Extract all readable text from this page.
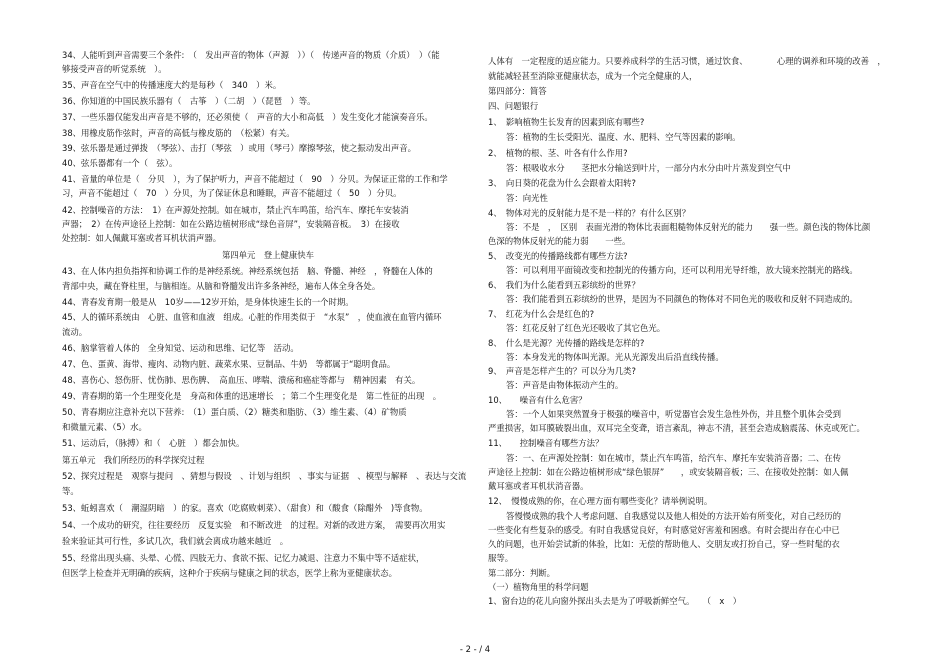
34、人能听到声音需要三个条件:　（　发出声音的物体（声源　））（　传递声音的物质（介质）　）（能
够接受声音的听觉系统　）。
35、声音在空气中的传播速度大约是每秒（　340　）米。
36、你知道的中国民族乐器有（　古筝　）（二胡　）（琵琶　）等。
37、一些乐器仅能发出声音是不够的，还必须使（　声音的大小和高低　）发生变化才能演奏音乐。
38、用橡皮筋作弦时，声音的高低与橡皮筋的　（松紧）有关。
39、弦乐器是通过弹拨　（琴弦）、击打（琴弦　）或用（琴弓）摩擦琴弦，使之振动发出声音。
40、弦乐器都有一个（　弦）。
41、音量的单位是（　分贝　），为了保护听力，声音不能超过（　90　）分贝。为保证正常的工作和学
习，声音不能超过（　70　）分贝，为了保证休息和睡眠，声音不能超过（　50　）分贝。
42、控制噪音的方法：　1）在声源处控制。如在城市，禁止汽车鸣笛，给汽车、摩托车安装消
声器；　2）在传声途径上控制：如在公路边植树形成“绿色音屏”，安装隔音板。　3）在接收
处控制：如人佩戴耳塞或者耳机状消声器。
第四单元　登上健康快车
43、在人体内担负指挥和协调工作的是神经系统。神经系统包括　脑、脊髓、神经　，脊髓在人体的
背部中央，藏在脊柱里，与脑相连。从脑和脊髓发出许多条神经，遍布人体全身各处。
44、青春发育期一般是从　10岁——12岁开始，是身体快速生长的一个时期。
45、人的循环系统由　心脏、血管和血液　组成。心脏的作用类似于　“水泵”　，使血液在血管内循环
流动。
46、脑掌管着人体的　全身知觉、运动和思维、记忆等　活动。
47、色、蛋黄、海带、瘦肉、动物内脏、蔬菜水果、豆制品、牛奶　等都属于“聪明食品。
48、喜伤心、怒伤肝、忧伤肺、思伤脾、　高血压、哮喘、溃疡和癌症等都与　精神因素　有关。
49、青春期的第一个生理变化是　身高和体重的迅速增长　；第二个生理变化是　第二性征的出现　。
50、青春期应注意补充以下营养:　（1）蛋白质、（2）糖类和脂肪、（3）维生素、（4）矿物质
和微量元素、（5）水。
51、运动后，（脉搏）和（　心脏　）都会加快。
第五单元　我们所经历的科学探究过程
52、探究过程是　观察与提问　、猜想与假设　、计划与组织　、事实与证据　、模型与解释　、表达与交流
等。
53、蚯蚓喜欢（　潮湿阴暗　）的家。喜欢（吃腐败刺菜）、（甜食）和（酸食（除醋外　)等食物。
54、一个成功的研究，往往要经历　反复实验　和不断改进　的过程。对新的改进方案，　需要再次用实
验来验证其可行性，多试几次，我们就会离成功越来越近　。
55、经常出现头痛、头晕、心慌、四肢无力、食欲不振、记忆力减退、注意力不集中等不适症状，
但医学上检查并无明确的疾病，这种介于疾病与健康之间的状态，医学上称为亚健康状态。
人体有　一定程度的适应能力。只要养成科学的生活习惯，通过饮食、　　　　心理的调养和环境的改善　，
就能减轻甚至消除亚健康状态，成为一个完全健康的人，
第四部分：简答
四、问题银行
1、　影响植物生长发育的因素到底有哪些?
答：植物的生长受阳光、温度、水、肥料、空气等因素的影响。
2、　植物的根、茎、叶各有什么作用?
答：根吸收水分　　茎把水分输送到叶片，一部分内水分由叶片蒸发到空气中
3、　向日葵的花盘为什么会跟着太阳转?
答：向光性
4、　物体对光的反射能力是不是一样的？有什么区别？
答：不是　，　区别　表面光滑的物体比表面粗糙物体反射光的能力　　强一些。颜色浅的物体比颜
色深的物体反射光的能力弱　　一些。
5、　改变光的传播路线都有哪些方法?
答：可以利用平面镜改变和控制光的传播方向，还可以利用光导纤维，放大镜来控制光的路线。
6、　我们为什么能看到五彩缤纷的世界？
答：我们能看到五彩缤纷的世界，是因为不同颜色的物体对不同色光的吸收和反射不同造成的。
7、　红花为什么会是红色的?
答：红花反射了红色光还吸收了其它色光。
8、　什么是光源？光传播的路线是怎样的?
答：本身发光的物体叫光源。光从光源发出后沿直线传播。
9、　声音是怎样产生的？可以分为几类?
答：声音是由物体振动产生的。
10、　　噪音有什么危害？
答：一个人如果突然置身于极强的噪音中，听觉器官会发生急性外伤，并且整个肌体会受到
严重损害，如耳膜破裂出血，双耳完全变聋，语言紊乱，神志不清，甚至会造成脑震荡、休克或死亡。
11、　　控制噪音有哪些方法？
答：一、在声源处控制：如在城市，禁止汽车鸣笛，给汽车、摩托车安装消音器；二、在传
声途径上控制：如在公路边植树形成“绿色银屏”　　，或安装隔音板；三、在接收处控制：如人佩
戴耳塞或者耳机状消音器。
12、　慢慢成熟的你，在心理方面有哪些变化？请举例说明。
答慢慢成熟的我个人考虑问题、自我感觉以及他人相处的方法开始有所变化，对自己经历的
一些变化有些复杂的感受。有时自我感觉良好，有时感觉好害羞和困惑。有时会提出存在心中已
久的问题，也开始尝试新的体验，比如：无偿的帮助他人、交朋友或打扮自己，穿一些时髦的衣
服等。
第二部分：判断。
（一）植物角里的科学问题
1、窗台边的花儿向窗外探出头去是为了呼吸新鲜空气。　　（　x　）
- 2 - / 4
